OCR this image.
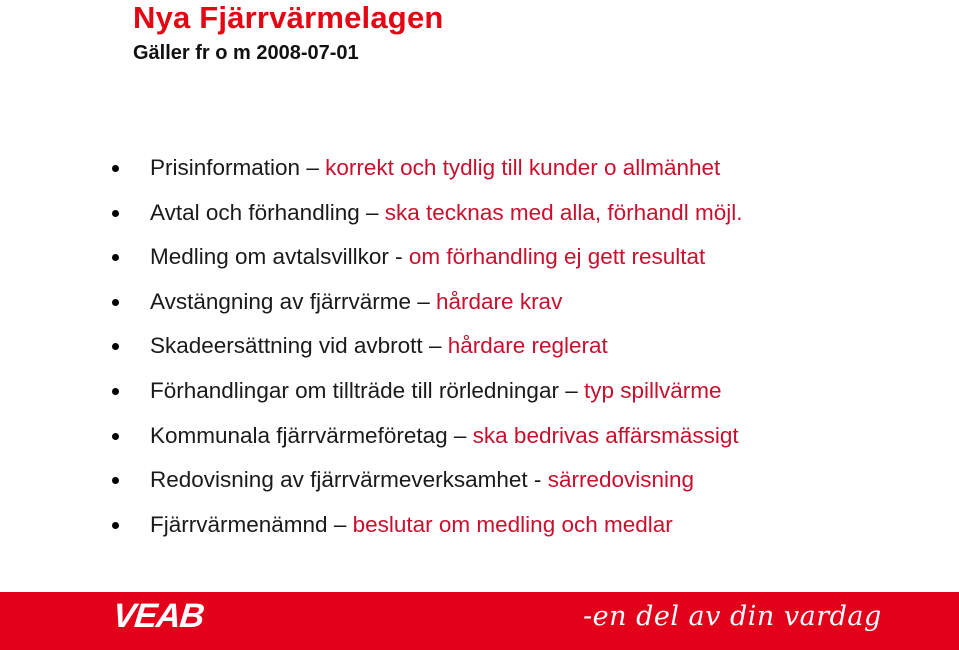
Nya Fjärrvärmelagen
Gäller fr o m 2008-07-01
Prisinformation – korrekt och tydlig till kunder o allmänhet
Avtal och förhandling – ska tecknas med alla, förhandl möjl.
Medling om avtalsvillkor - om förhandling ej gett resultat
Avstängning av fjärrvärme – hårdare krav
Skadeersättning vid avbrott – hårdare reglerat
Förhandlingar om tillträde till rörledningar – typ spillvärme
Kommunala fjärrvärmeföretag – ska bedrivas affärsmässigt
Redovisning av fjärrvärmeverksamhet - särredovisning
Fjärrvärmenämnd – beslutar om medling och medlar
VEAB	-en del av din vardag
